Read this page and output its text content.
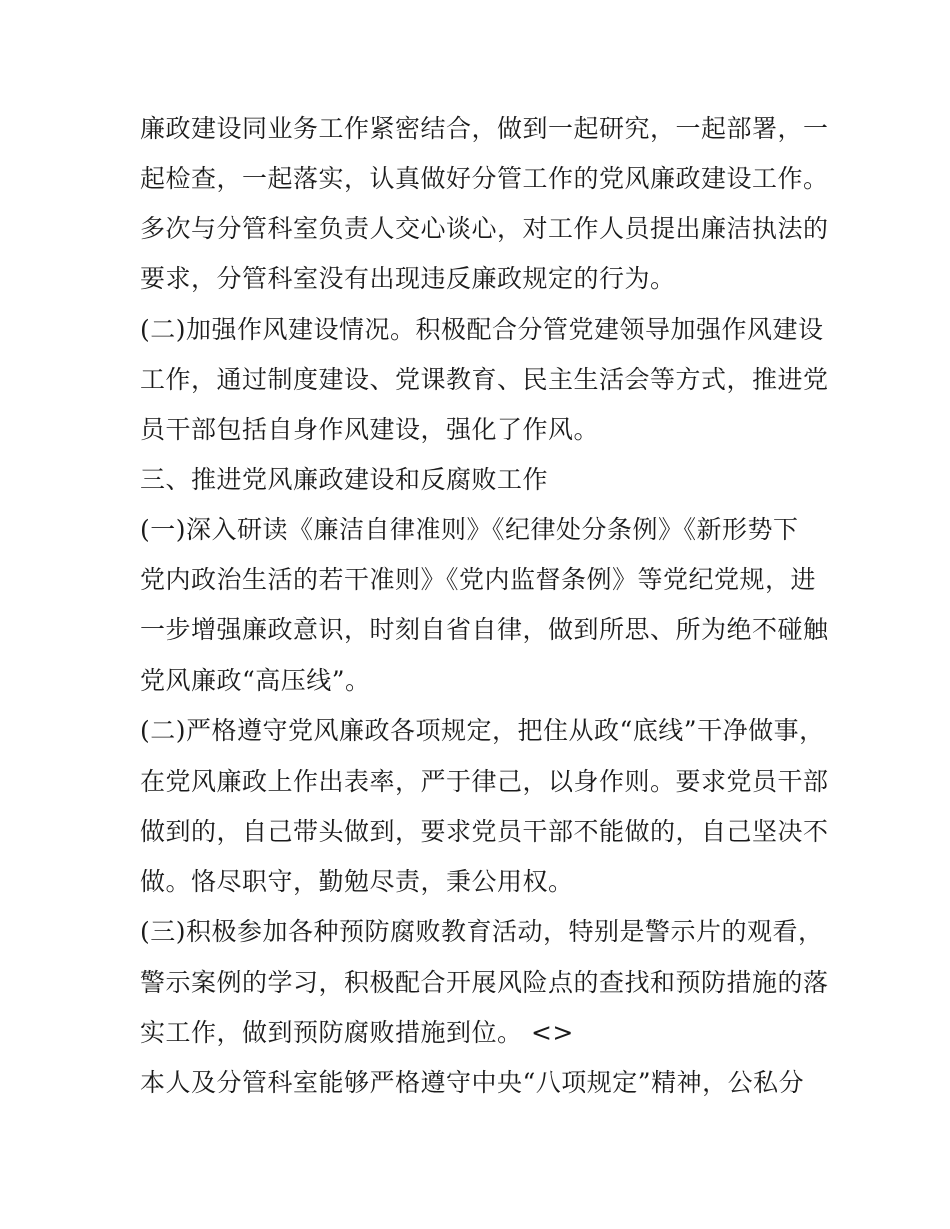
廉政建设同业务工作紧密结合，做到一起研究，一起部署，一
起检查，一起落实，认真做好分管工作的党风廉政建设工作。
多次与分管科室负责人交心谈心，对工作人员提出廉洁执法的
要求，分管科室没有出现违反廉政规定的行为。
(二)加强作风建设情况。积极配合分管党建领导加强作风建设
工作，通过制度建设、党课教育、民主生活会等方式，推进党
员干部包括自身作风建设，强化了作风。
三、推进党风廉政建设和反腐败工作
(一)深入研读《廉洁自律准则》《纪律处分条例》《新形势下
党内政治生活的若干准则》《党内监督条例》等党纪党规，进
一步增强廉政意识，时刻自省自律，做到所思、所为绝不碰触
党风廉政“高压线”。
(二)严格遵守党风廉政各项规定，把住从政“底线”干净做事，
在党风廉政上作出表率，严于律己，以身作则。要求党员干部
做到的，自己带头做到，要求党员干部不能做的，自己坚决不
做。恪尽职守，勤勉尽责，秉公用权。
(三)积极参加各种预防腐败教育活动，特别是警示片的观看，
警示案例的学习，积极配合开展风险点的查找和预防措施的落
实工作，做到预防腐败措施到位。 <>
本人及分管科室能够严格遵守中央“八项规定”精神，公私分
